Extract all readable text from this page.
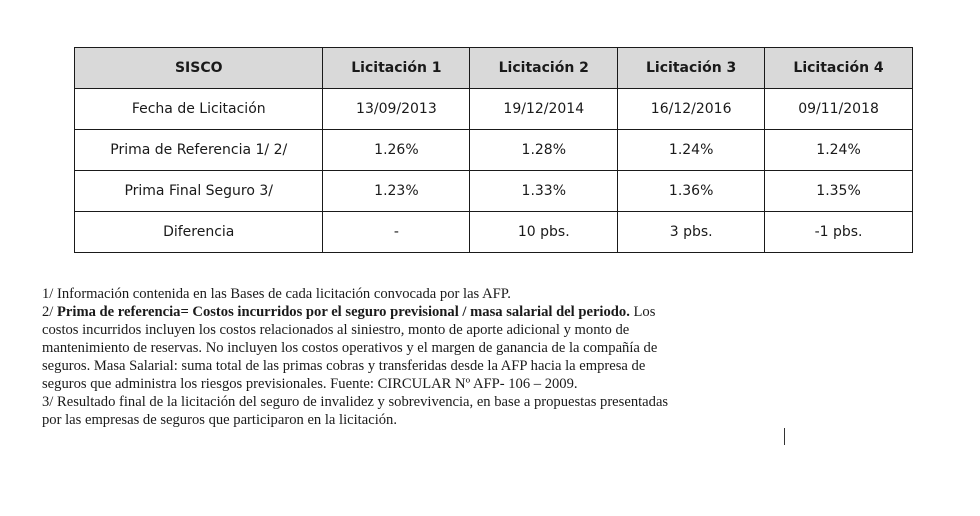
SISCO	Licitación 1	Licitación 2	Licitación 3	Licitación 4
Fecha de Licitación	13/09/2013	19/12/2014	16/12/2016	09/11/2018
Prima de Referencia 1/ 2/	1.26%	1.28%	1.24%	1.24%
Prima Final Seguro 3/	1.23%	1.33%	1.36%	1.35%
Diferencia	-	10 pbs.	3 pbs.	-1 pbs.
1/ Información contenida en las Bases de cada licitación convocada por las AFP.
2/ Prima de referencia= Costos incurridos por el seguro previsional / masa salarial del periodo. Los
costos incurridos incluyen los costos relacionados al siniestro, monto de aporte adicional y monto de
mantenimiento de reservas. No incluyen los costos operativos y el margen de ganancia de la compañía de
seguros. Masa Salarial: suma total de las primas cobras y transferidas desde la AFP hacia la empresa de
seguros que administra los riesgos previsionales. Fuente: CIRCULAR Nº AFP- 106 – 2009.
3/ Resultado final de la licitación del seguro de invalidez y sobrevivencia, en base a propuestas presentadas
por las empresas de seguros que participaron en la licitación.
